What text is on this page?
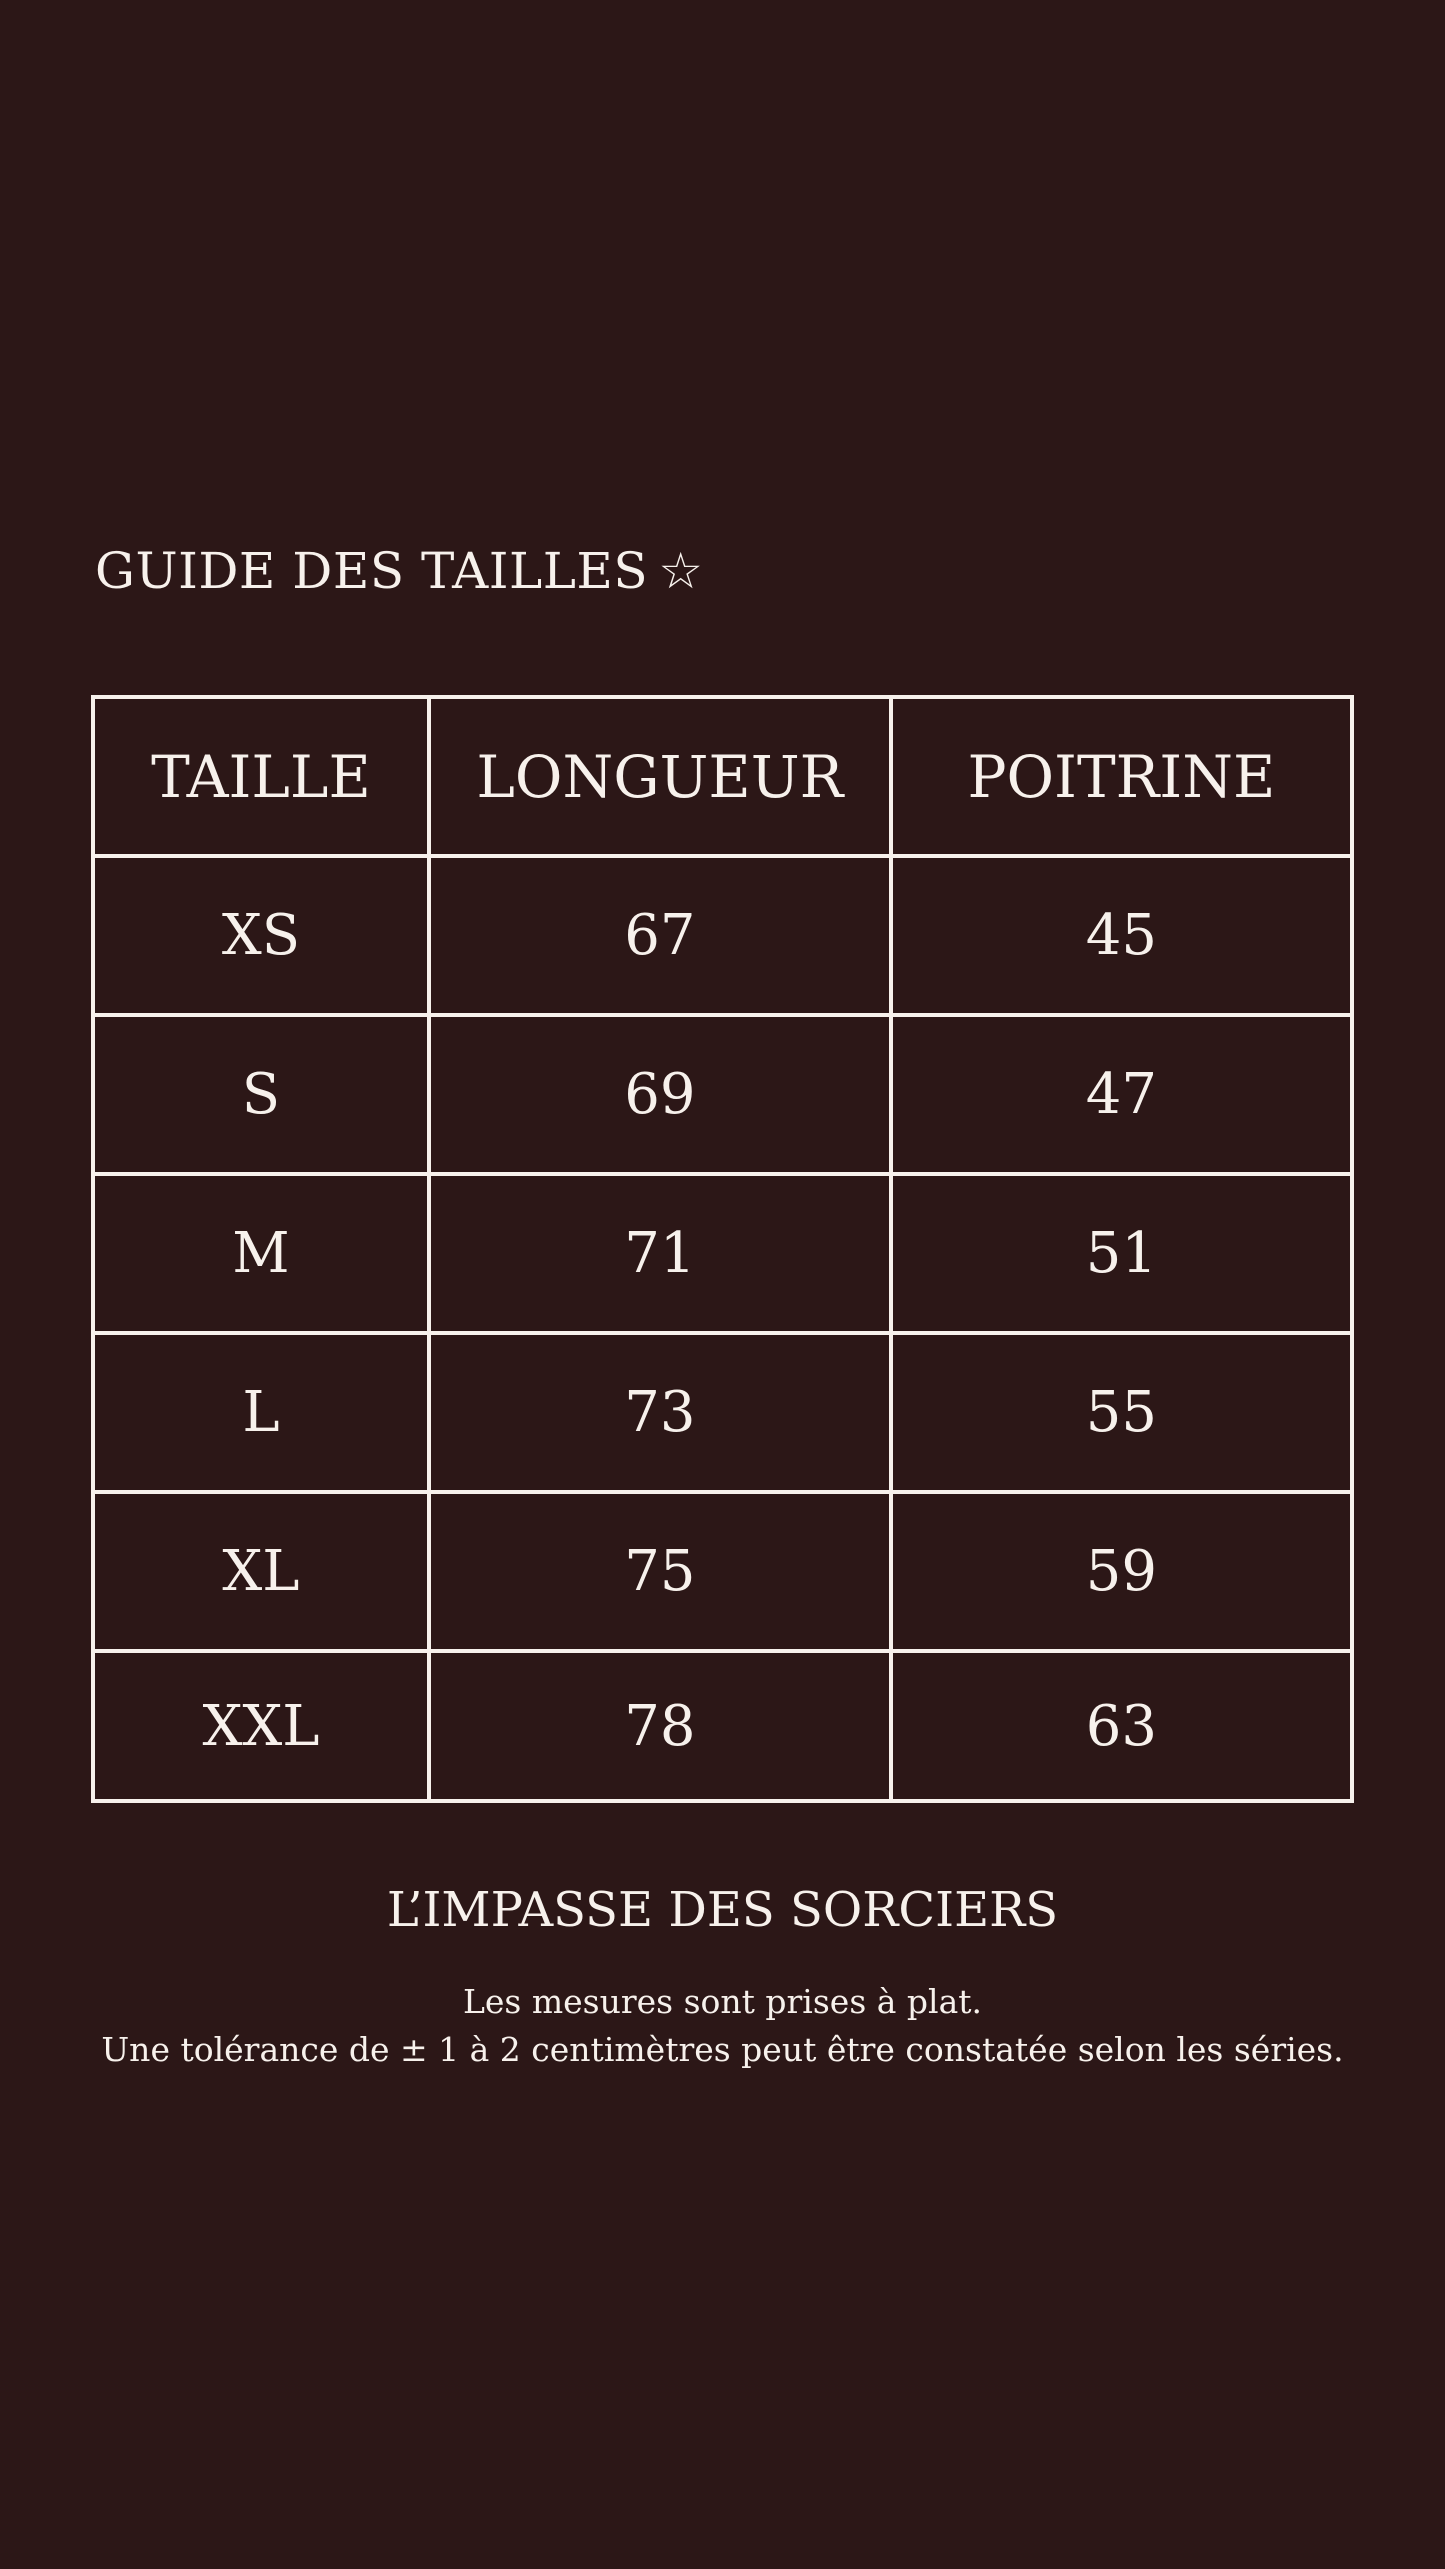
GUIDE DES TAILLES ☆
TAILLE	LONGUEUR	POITRINE
XS	67	45
S	69	47
M	71	51
L	73	55
XL	75	59
XXL	78	63
L’IMPASSE DES SORCIERS
Les mesures sont prises à plat.
Une tolérance de ± 1 à 2 centimètres peut être constatée selon les séries.
